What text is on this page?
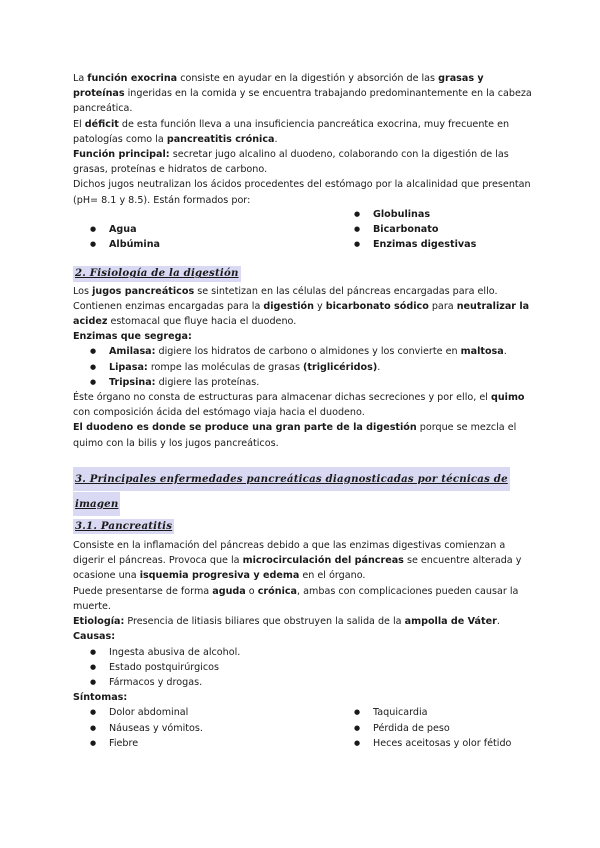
La función exocrina consiste en ayudar en la digestión y absorción de las grasas y proteínas ingeridas en la comida y se encuentra trabajando predominantemente en la cabeza pancreática.

El déficit de esta función lleva a una insuficiencia pancreática exocrina, muy frecuente en patologías como la pancreatitis crónica.

Función principal: secretar jugo alcalino al duodeno, colaborando con la digestión de las grasas, proteínas e hidratos de carbono.

Dichos jugos neutralizan los ácidos procedentes del estómago por la alcalinidad que presentan (pH= 8.1 y 8.5). Están formados por:

● Agua
● Albúmina
● Globulinas
● Bicarbonato
● Enzimas digestivas
2. Fisiología de la digestión

Los jugos pancreáticos se sintetizan en las células del páncreas encargadas para ello. Contienen enzimas encargadas para la digestión y bicarbonato sódico para neutralizar la acidez estomacal que fluye hacia el duodeno.

Enzimas que segrega:

● Amilasa: digiere los hidratos de carbono o almidones y los convierte en maltosa.
● Lipasa: rompe las moléculas de grasas (triglicéridos).
● Tripsina: digiere las proteínas.

Éste órgano no consta de estructuras para almacenar dichas secreciones y por ello, el quimo con composición ácida del estómago viaja hacia el duodeno.

El duodeno es donde se produce una gran parte de la digestión porque se mezcla el quimo con la bilis y los jugos pancreáticos.

3. Principales enfermedades pancreáticas diagnosticadas por técnicas de
imagen
3.1. Pancreatitis

Consiste en la inflamación del páncreas debido a que las enzimas digestivas comienzan a digerir el páncreas. Provoca que la microcirculación del páncreas se encuentre alterada y ocasione una isquemia progresiva y edema en el órgano.

Puede presentarse de forma aguda o crónica, ambas con complicaciones pueden causar la muerte.

Etiología: Presencia de litiasis biliares que obstruyen la salida de la ampolla de Váter.

Causas:

● Ingesta abusiva de alcohol.
● Estado postquirúrgicos
● Fármacos y drogas.

Síntomas:

● Dolor abdominal
● Náuseas y vómitos.
● Fiebre
● Taquicardia
● Pérdida de peso
● Heces aceitosas y olor fétido
